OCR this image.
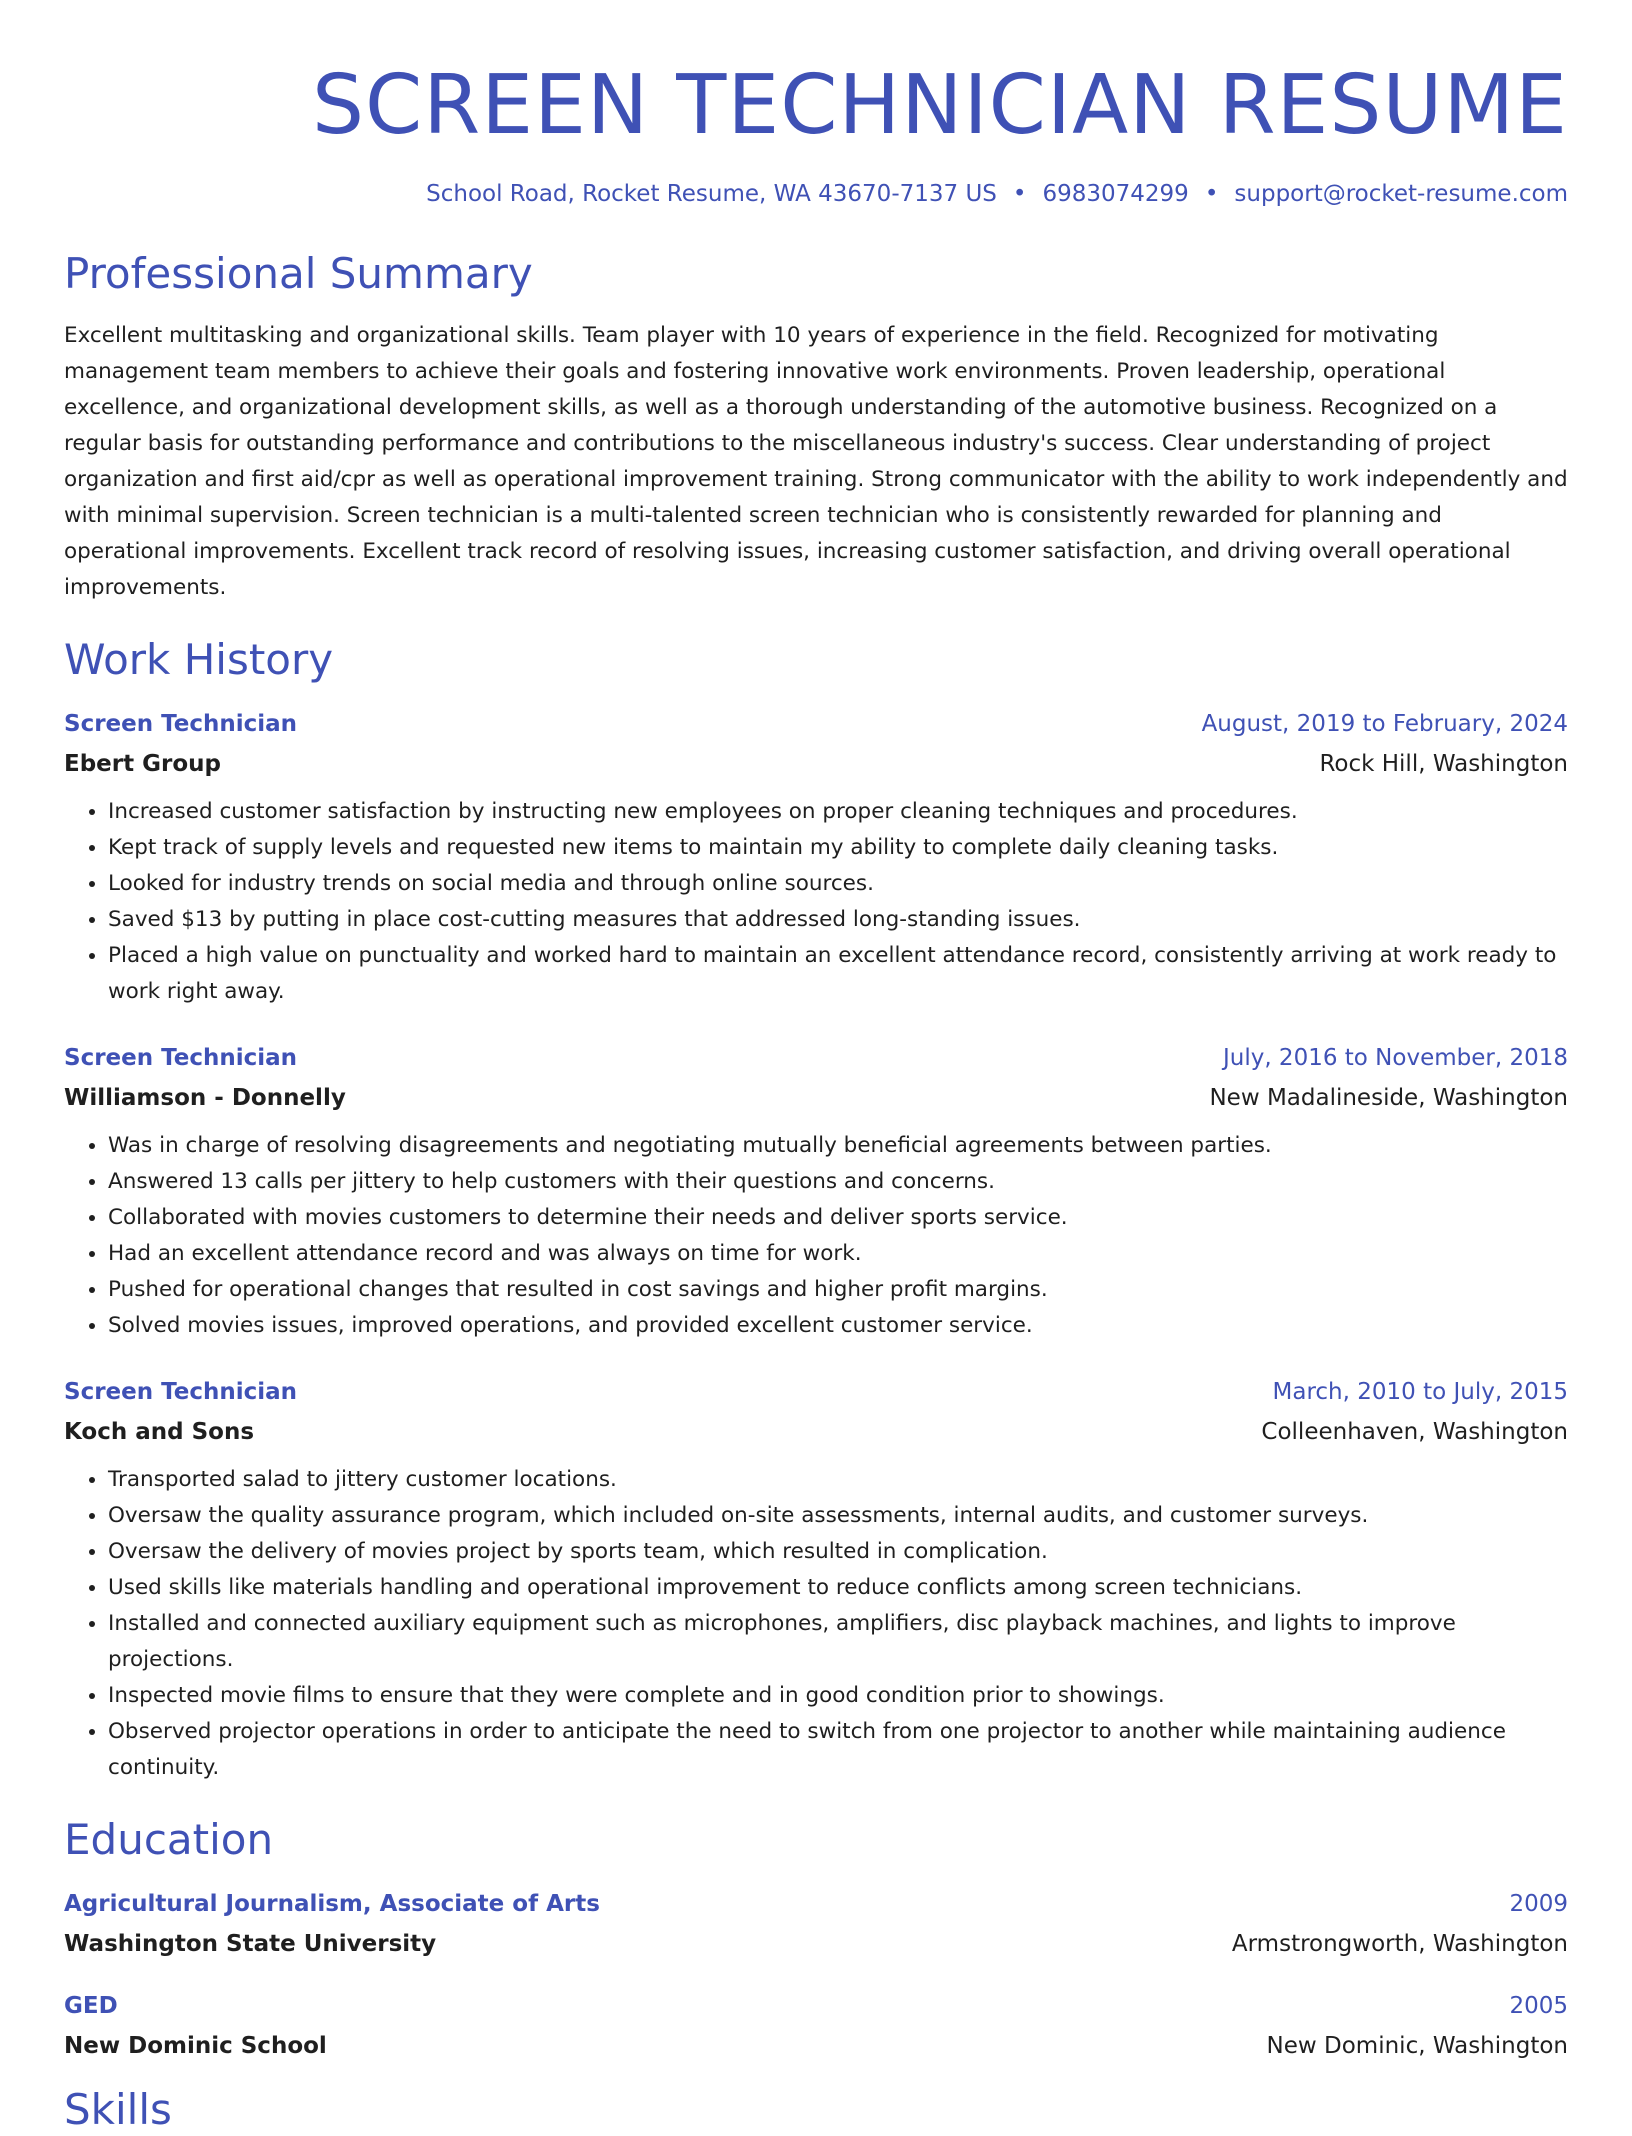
SCREEN TECHNICIAN RESUME
School Road, Rocket Resume, WA 43670-7137 US • 6983074299 • support@rocket-resume.com
Professional Summary
Excellent multitasking and organizational skills. Team player with 10 years of experience in the field. Recognized for motivating management team members to achieve their goals and fostering innovative work environments. Proven leadership, operational excellence, and organizational development skills, as well as a thorough understanding of the automotive business. Recognized on a regular basis for outstanding performance and contributions to the miscellaneous industry's success. Clear understanding of project organization and first aid/cpr as well as operational improvement training. Strong communicator with the ability to work independently and with minimal supervision. Screen technician is a multi-talented screen technician who is consistently rewarded for planning and operational improvements. Excellent track record of resolving issues, increasing customer satisfaction, and driving overall operational improvements.
Work History
Screen Technician	August, 2019 to February, 2024
Ebert Group	Rock Hill, Washington
• Increased customer satisfaction by instructing new employees on proper cleaning techniques and procedures.
• Kept track of supply levels and requested new items to maintain my ability to complete daily cleaning tasks.
• Looked for industry trends on social media and through online sources.
• Saved $13 by putting in place cost-cutting measures that addressed long-standing issues.
• Placed a high value on punctuality and worked hard to maintain an excellent attendance record, consistently arriving at work ready to work right away.
Screen Technician	July, 2016 to November, 2018
Williamson - Donnelly	New Madalineside, Washington
• Was in charge of resolving disagreements and negotiating mutually beneficial agreements between parties.
• Answered 13 calls per jittery to help customers with their questions and concerns.
• Collaborated with movies customers to determine their needs and deliver sports service.
• Had an excellent attendance record and was always on time for work.
• Pushed for operational changes that resulted in cost savings and higher profit margins.
• Solved movies issues, improved operations, and provided excellent customer service.
Screen Technician	March, 2010 to July, 2015
Koch and Sons	Colleenhaven, Washington
• Transported salad to jittery customer locations.
• Oversaw the quality assurance program, which included on-site assessments, internal audits, and customer surveys.
• Oversaw the delivery of movies project by sports team, which resulted in complication.
• Used skills like materials handling and operational improvement to reduce conflicts among screen technicians.
• Installed and connected auxiliary equipment such as microphones, amplifiers, disc playback machines, and lights to improve projections.
• Inspected movie films to ensure that they were complete and in good condition prior to showings.
• Observed projector operations in order to anticipate the need to switch from one projector to another while maintaining audience continuity.
Education
Agricultural Journalism, Associate of Arts	2009
Washington State University	Armstrongworth, Washington
GED	2005
New Dominic School	New Dominic, Washington
Skills
